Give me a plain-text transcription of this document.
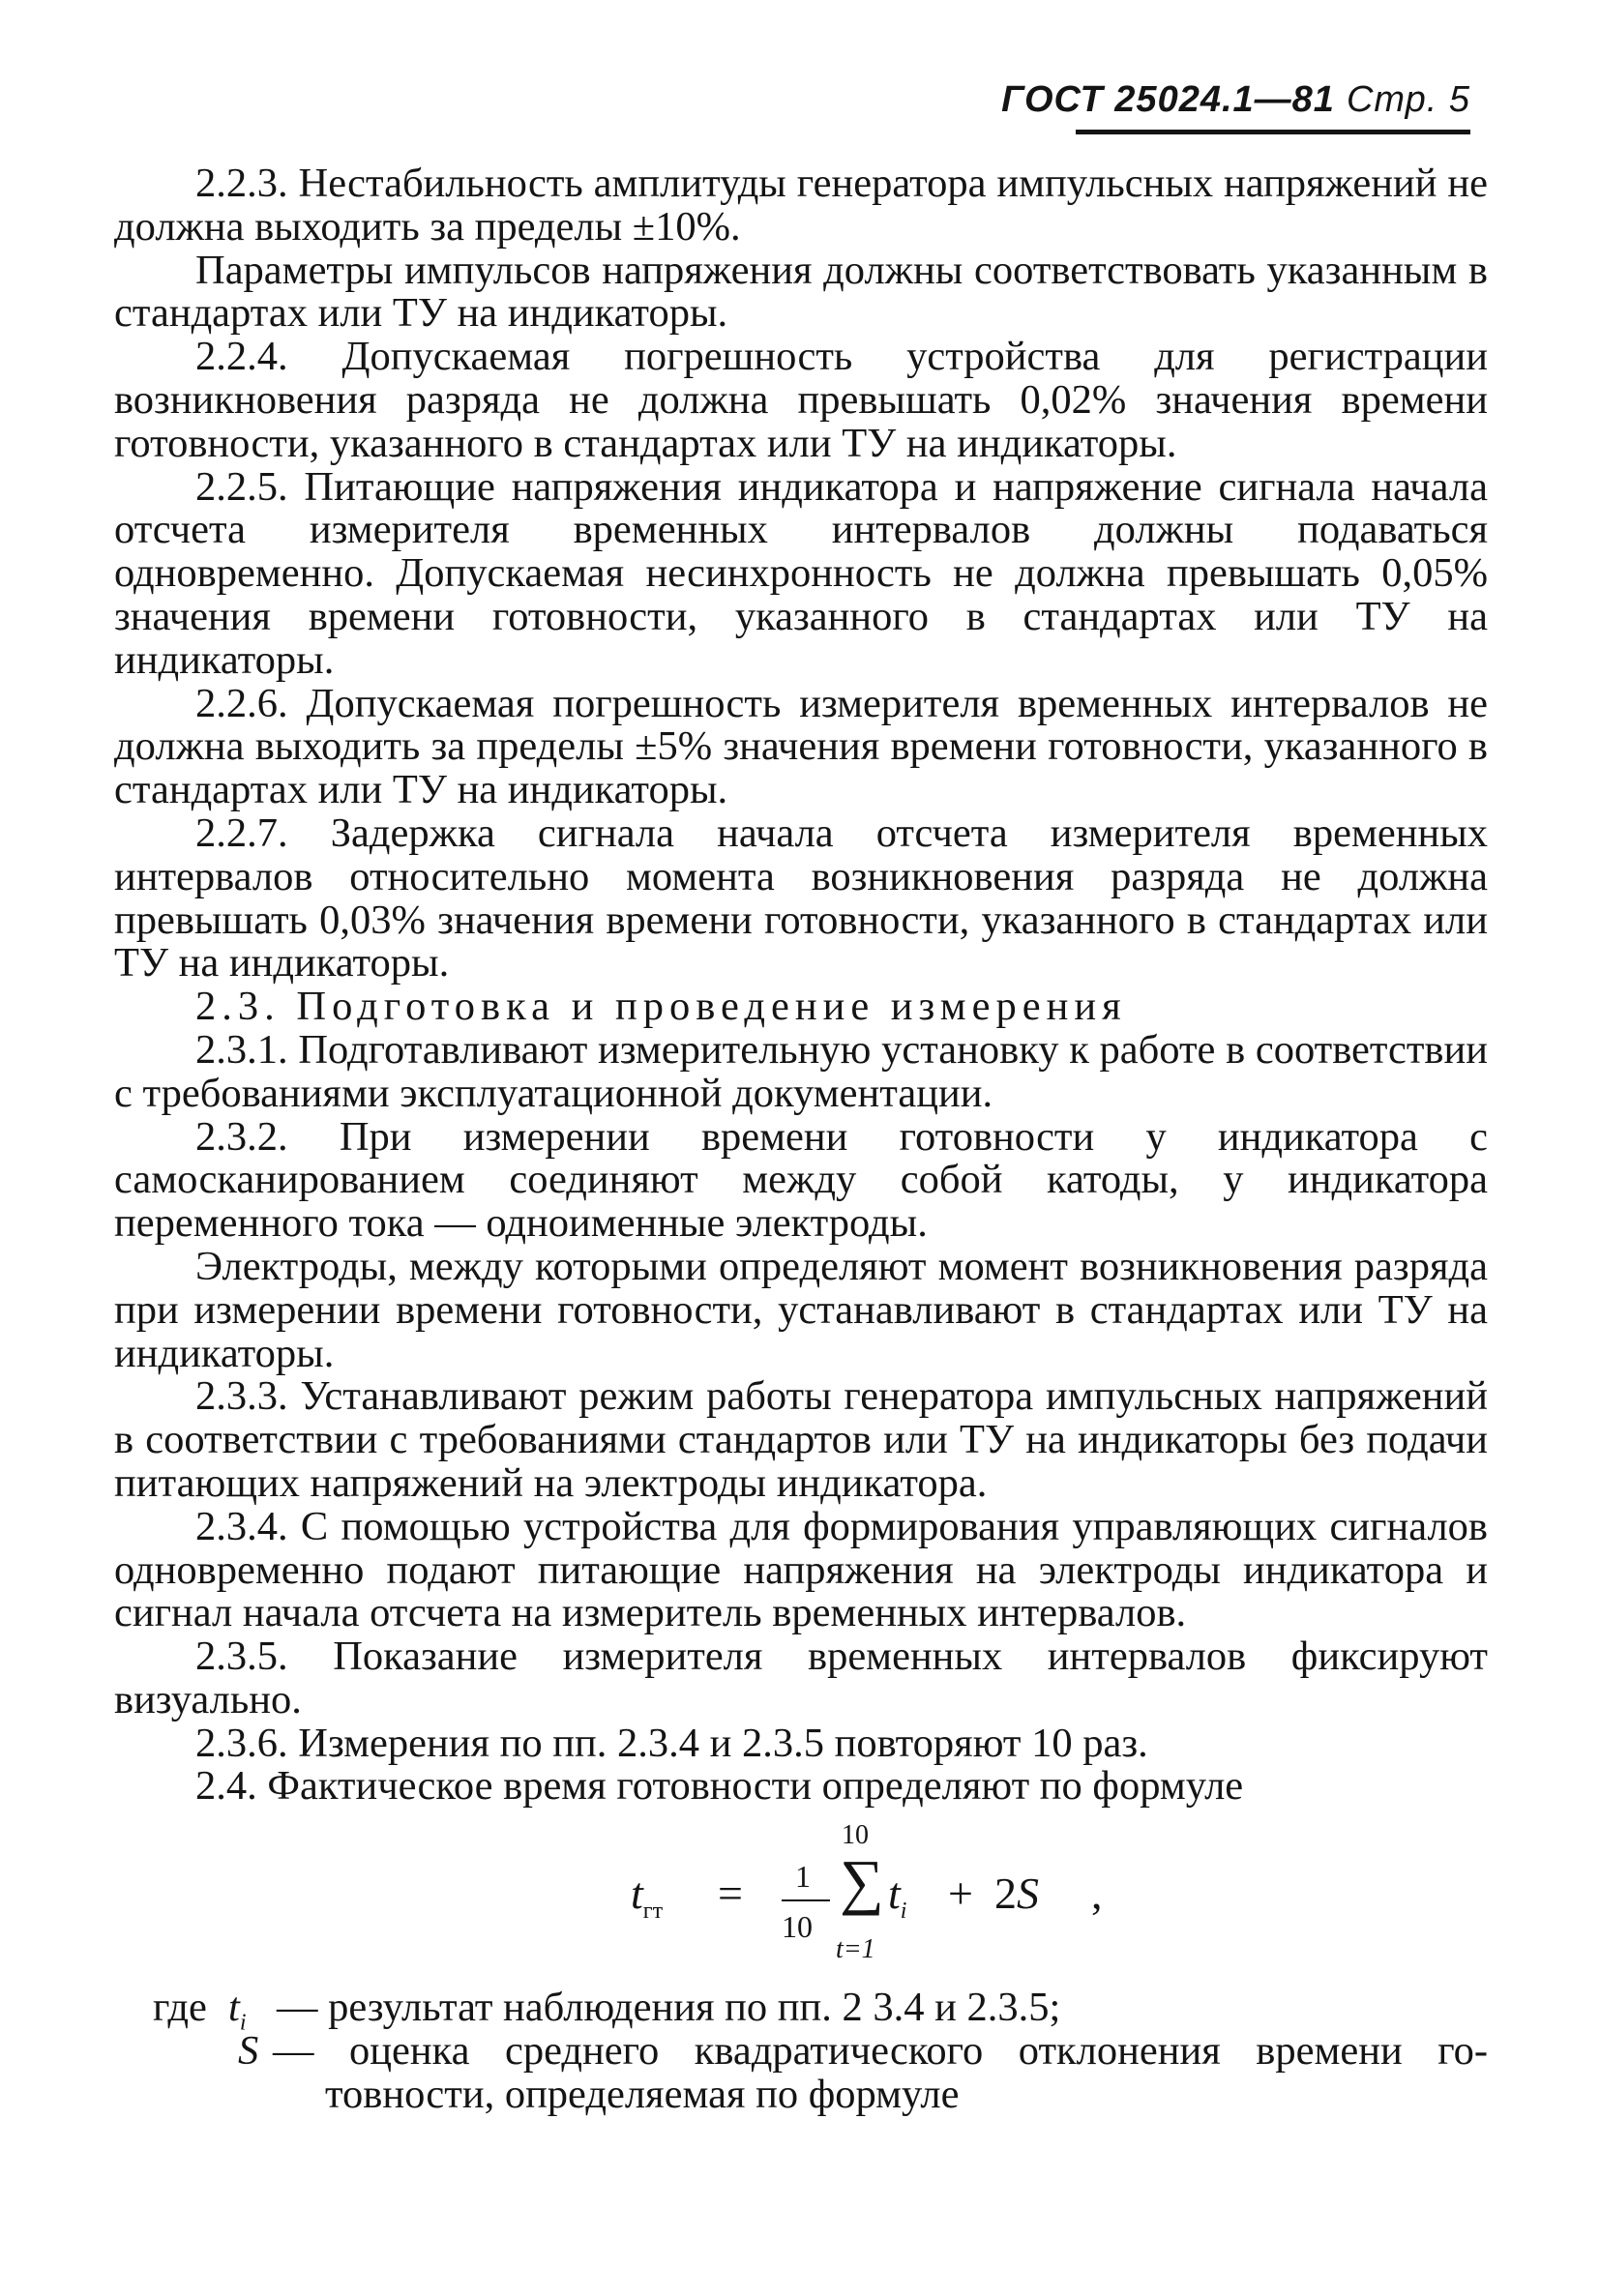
ГОСТ 25024.1—81 Стр. 5

2.2.3. Нестабильность амплитуды генератора импульсных напряжений не должна выходить за пределы ±10%.

Параметры импульсов напряжения должны соответствовать указанным в стандартах или ТУ на индикаторы.

2.2.4. Допускаемая погрешность устройства для регистрации возникновения разряда не должна превышать 0,02% значения времени готовности, указанного в стандартах или ТУ на индикаторы.

2.2.5. Питающие напряжения индикатора и напряжение сигнала начала отсчета измерителя временных интервалов должны подаваться одновременно. Допускаемая несинхронность не должна превышать 0,05% значения времени готовности, указанного в стандартах или ТУ на индикаторы.

2.2.6. Допускаемая погрешность измерителя временных интервалов не должна выходить за пределы ±5% значения времени готовности, указанного в стандартах или ТУ на индикаторы.

2.2.7. Задержка сигнала начала отсчета измерителя временных интервалов относительно момента возникновения разряда не должна превышать 0,03% значения времени готовности, указанного в стандартах или ТУ на индикаторы.

2.3. Подготовка и проведение измерения

2.3.1. Подготавливают измерительную установку к работе в соответствии с требованиями эксплуатационной документации.

2.3.2. При измерении времени готовности у индикатора с самосканированием соединяют между собой катоды, у индикатора переменного тока — одноименные электроды.

Электроды, между которыми определяют момент возникновения разряда при измерении времени готовности, устанавливают в стандартах или ТУ на индикаторы.

2.3.3. Устанавливают режим работы генератора импульсных напряжений в соответствии с требованиями стандартов или ТУ на индикаторы без подачи питающих напряжений на электроды индикатора.

2.3.4. С помощью устройства для формирования управляющих сигналов одновременно подают питающие напряжения на электроды индикатора и сигнал начала отсчета на измеритель временных интервалов.

2.3.5. Показание измерителя временных интервалов фиксируют визуально.

2.3.6. Измерения по пп. 2.3.4 и 2.3.5 повторяют 10 раз.

2.4. Фактическое время готовности определяют по формуле

$t_{гт} = 1$
10
10
∑
t=1
$t_i + 2S$ ,
где $t_i$ — результат наблюдения по пп. 2 3.4 и 2.3.5;
S — оценка среднего квадратического отклонения времени го-
товности, определяемая по формуле
